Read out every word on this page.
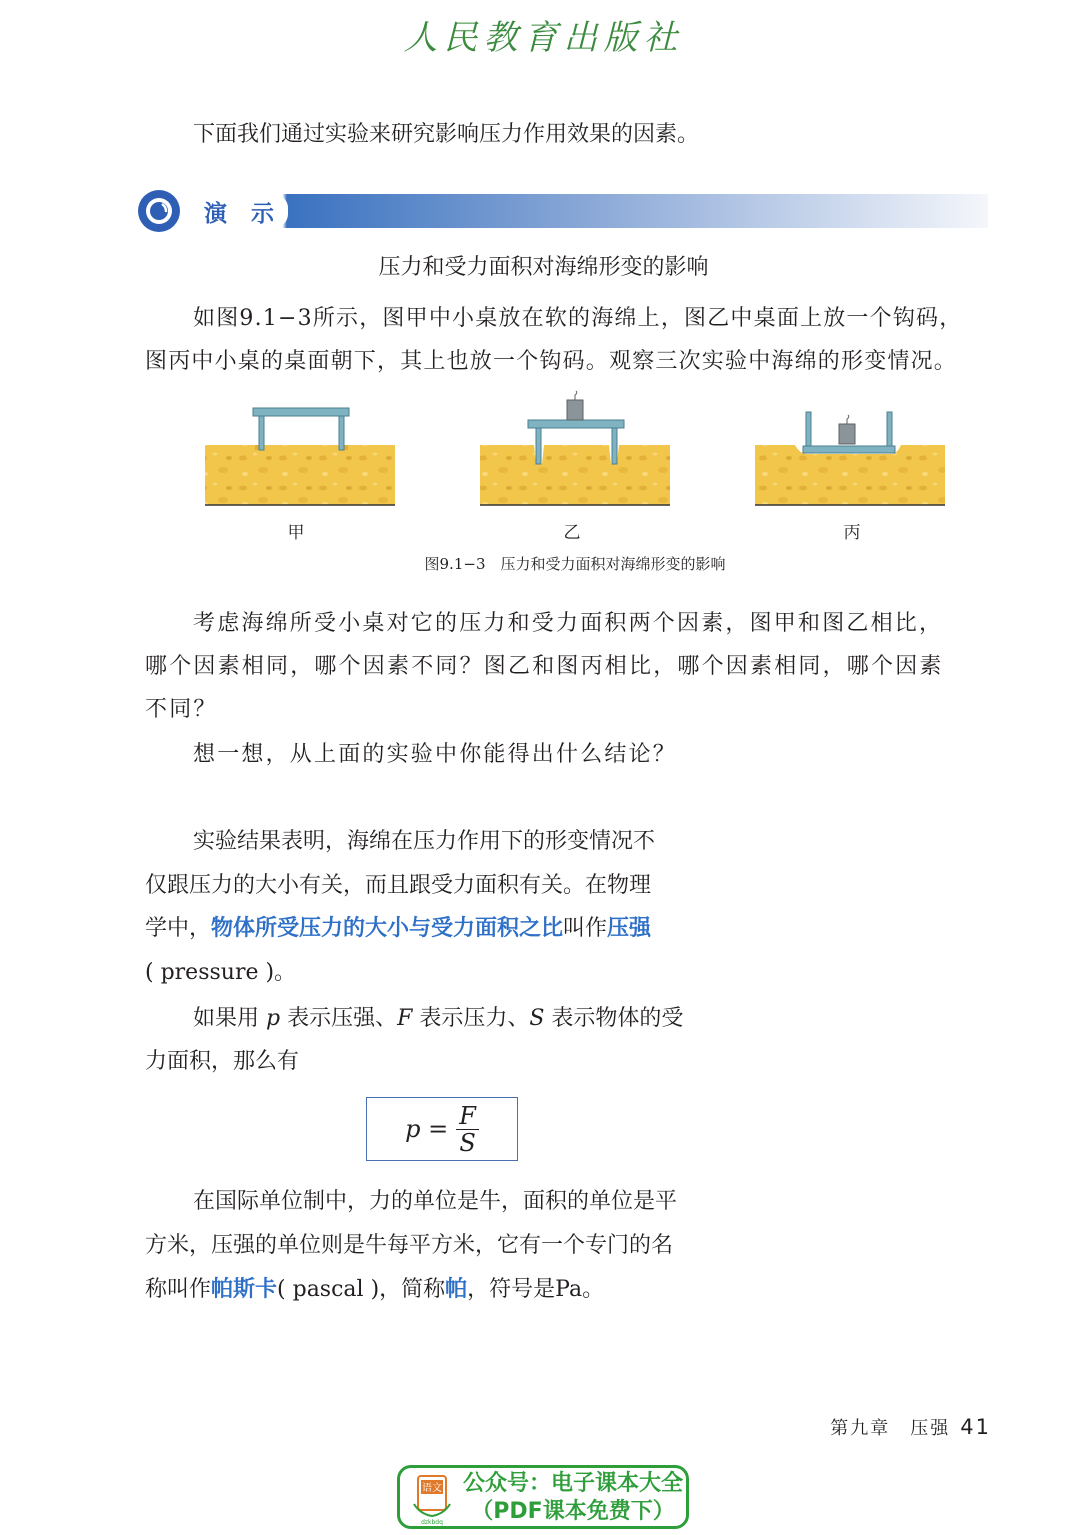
人民教育出版社

下面我们通过实验来研究影响压力作用效果的因素。

演 示
压力和受力面积对海绵形变的影响

如图9.1−3所示，图甲中小桌放在软的海绵上，图乙中桌面上放一个钩码，

图丙中小桌的桌面朝下，其上也放一个钩码。观察三次实验中海绵的形变情况。

甲	乙	丙
图9.1−3　压力和受力面积对海绵形变的影响

考虑海绵所受小桌对它的压力和受力面积两个因素，图甲和图乙相比，

哪个因素相同，哪个因素不同？图乙和图丙相比，哪个因素相同，哪个因素

不同？

想一想，从上面的实验中你能得出什么结论？

实验结果表明，海绵在压力作用下的形变情况不

仅跟压力的大小有关，而且跟受力面积有关。在物理

学中，物体所受压力的大小与受力面积之比叫作压强

( pressure )。

如果用 p 表示压强、F 表示压力、S 表示物体的受

力面积，那么有

$p = \frac{F}{S}$

在国际单位制中，力的单位是牛，面积的单位是平

方米，压强的单位则是牛每平方米，它有一个专门的名

称叫作帕斯卡( pascal )，简称帕，符号是Pa。

第九章　压强 41
语文
dzkbdq
公众号：电子课本大全
（PDF课本免费下）
